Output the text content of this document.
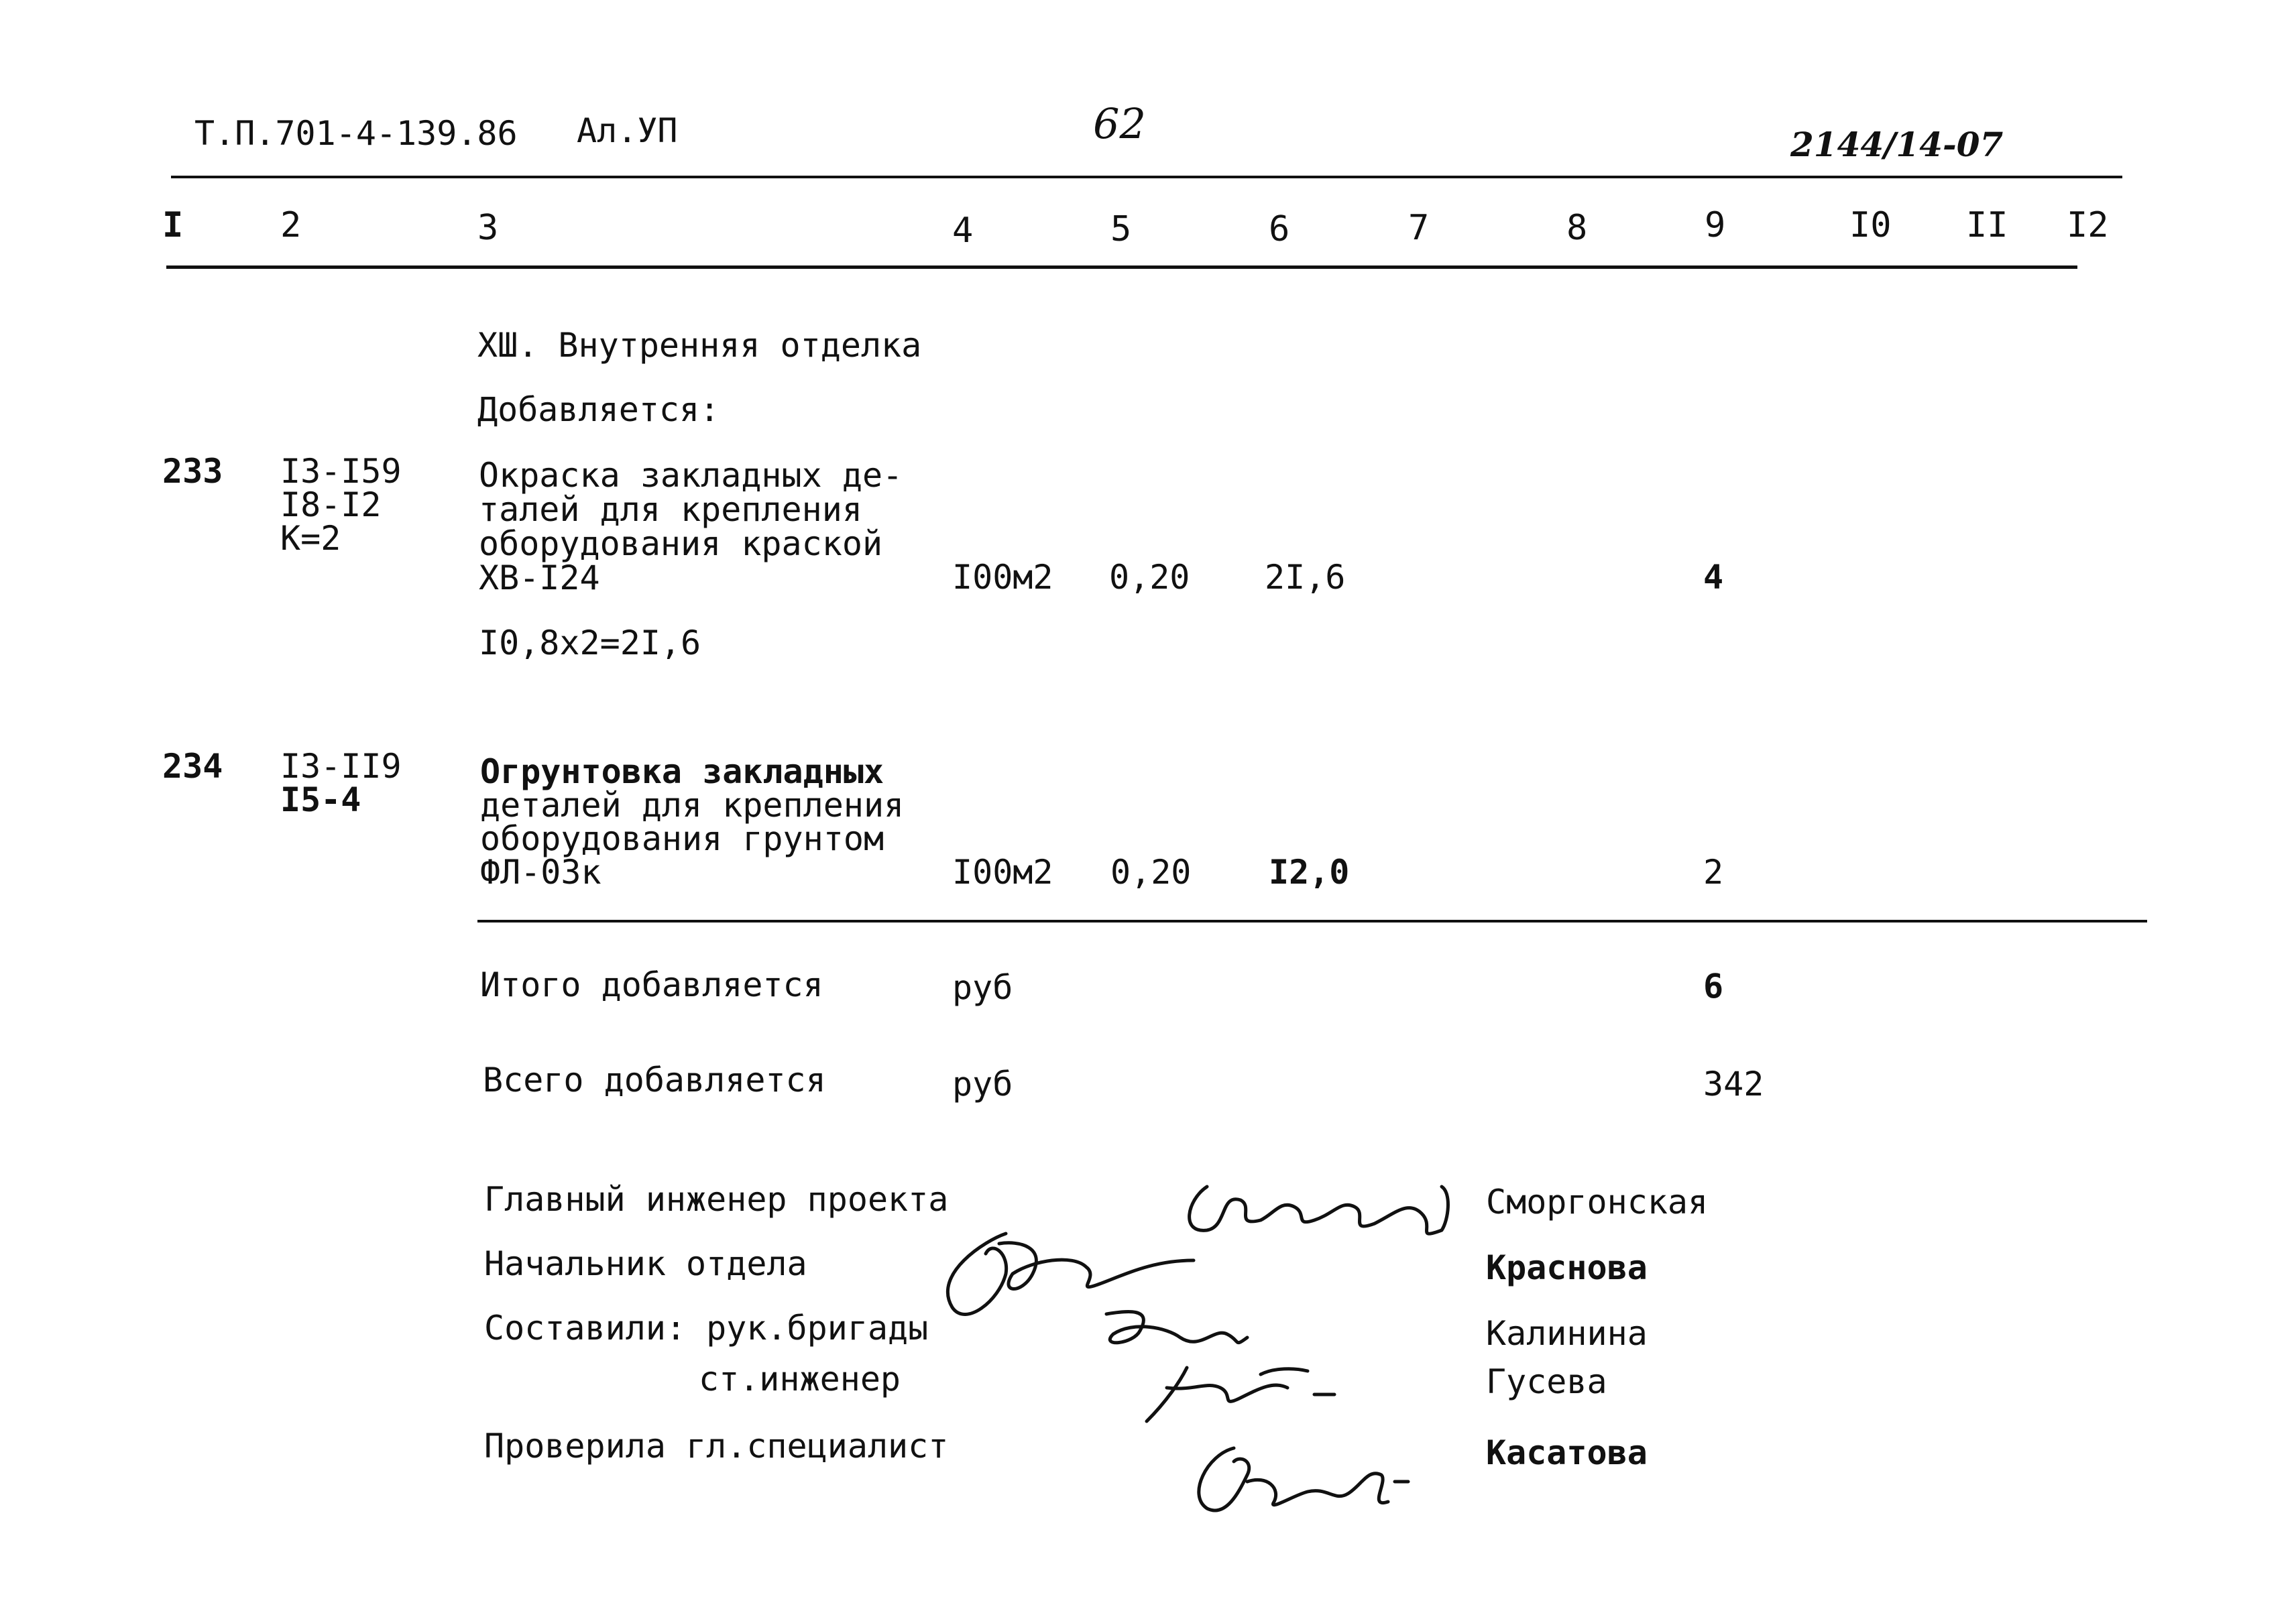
Т.П.701-4-139.86 Ал.УП	62	2144/14-07
I	2	3	4	5	6	7	8	9	I0 II I2
ХШ. Внутренняя отделка
Добавляется:
233 I3-I59
I8-I2
К=2
Окраска закладных де-
талей для крепления
оборудования краской
ХВ-I24	I00м2 0,20 2I,6	4
I0,8х2=2I,6
234 I3-II9
I5-4
Огрунтовка закладных
деталей для крепления
оборудования грунтом
ФЛ-03к	I00м2 0,20 I2,0	2
Итого добавляется	руб	6
Всего добавляется	руб	342
Главный инженер проекта	Сморгонская
Начальник отдела	Краснова
Составили: рук.бригады	Калинина
ст.инженер	Гусева
Проверила гл.специалист	Касатова
